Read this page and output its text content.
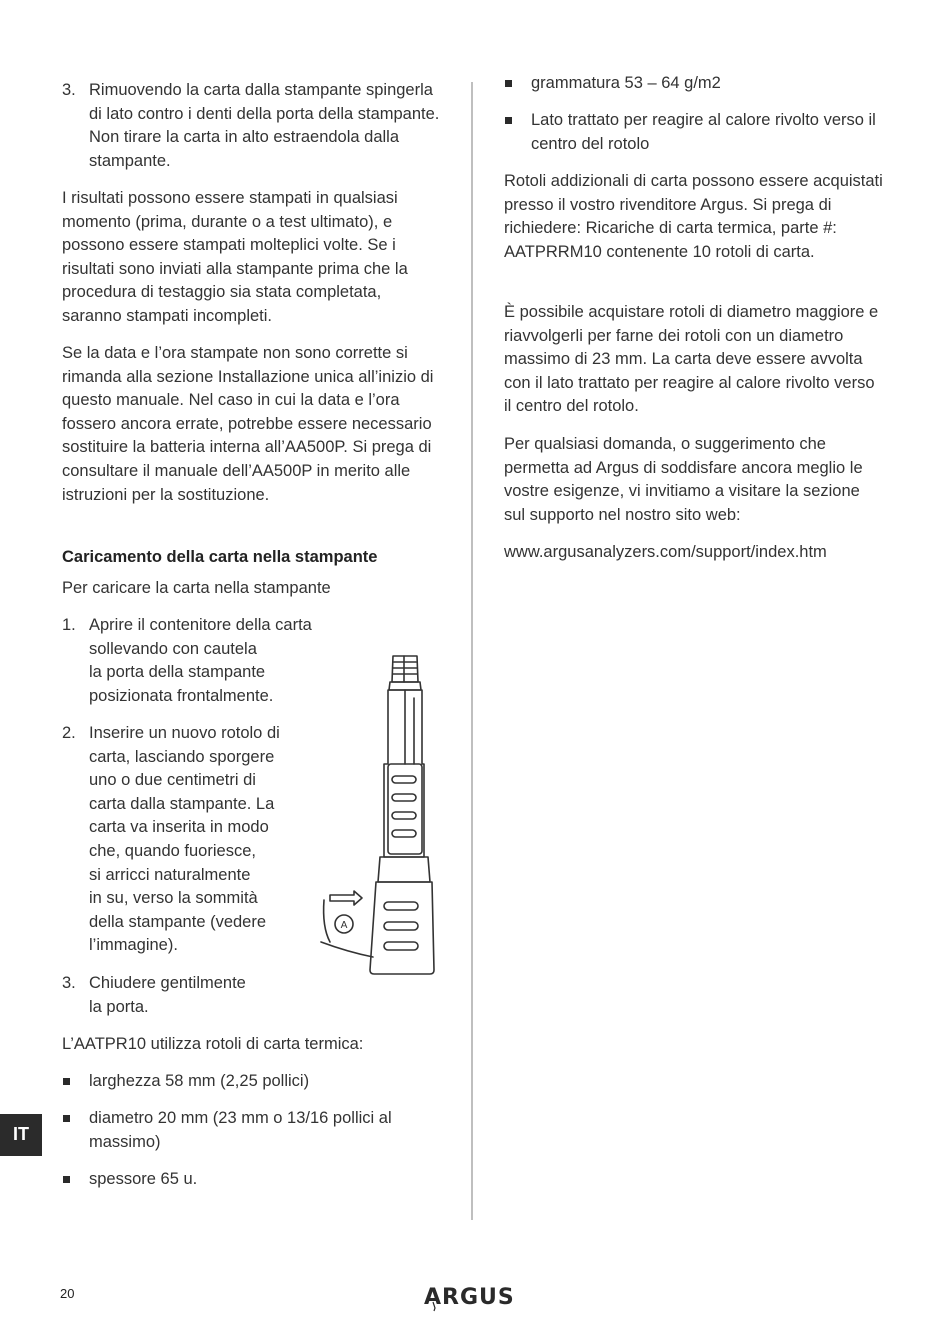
3. Rimuovendo la carta dalla stampante spingerla di lato contro i denti della porta della stampante. Non tirare la carta in alto estraendola dalla stampante.

I risultati possono essere stampati in qualsiasi momento (prima, durante o a test ultimato), e possono essere stampati molteplici volte. Se i risultati sono inviati alla stampante prima che la procedura di testaggio sia stata completata, saranno stampati incompleti.

Se la data e l’ora stampate non sono corrette si rimanda alla sezione Installazione unica all’inizio di questo manuale. Nel caso in cui la data e l’ora fossero ancora errate, potrebbe essere necessario sostituire la batteria interna all’AA500P. Si prega di consultare il manuale dell’AA500P in merito alle istruzioni per la sostituzione.

Caricamento della carta nella stampante

Per caricare la carta nella stampante

1. Aprire il contenitore della carta
sollevando con cautela
la porta della stampante
posizionata frontalmente.
2. Inserire un nuovo rotolo di
carta, lasciando sporgere
uno o due centimetri di
carta dalla stampante. La
carta va inserita in modo
che, quando fuoriesce,
si arricci naturalmente
in su, verso la sommità
della stampante (vedere
l’immagine).
3. Chiudere gentilmente
la porta.

L’AATPR10 utilizza rotoli di carta termica:

larghezza 58 mm (2,25 pollici)
diametro 20 mm (23 mm o 13/16 pollici al massimo)
spessore 65 u.
A
grammatura 53 – 64 g/m2
Lato trattato per reagire al calore rivolto verso il centro del rotolo

Rotoli addizionali di carta possono essere acquistati presso il vostro rivenditore Argus. Si prega di richiedere: Ricariche di carta termica, parte #: AATPRRM10 contenente 10 rotoli di carta.

È possibile acquistare rotoli di diametro maggiore e riavvolgerli per farne dei rotoli con un diametro massimo di 23 mm. La carta deve essere avvolta con il lato trattato per reagire al calore rivolto verso il centro del rotolo.

Per qualsiasi domanda, o suggerimento che permetta ad Argus di soddisfare ancora meglio le vostre esigenze, vi invitiamo a visitare la sezione sul supporto nel nostro sito web:

www.argusanalyzers.com/support/index.htm

IT
20	ARGUS
